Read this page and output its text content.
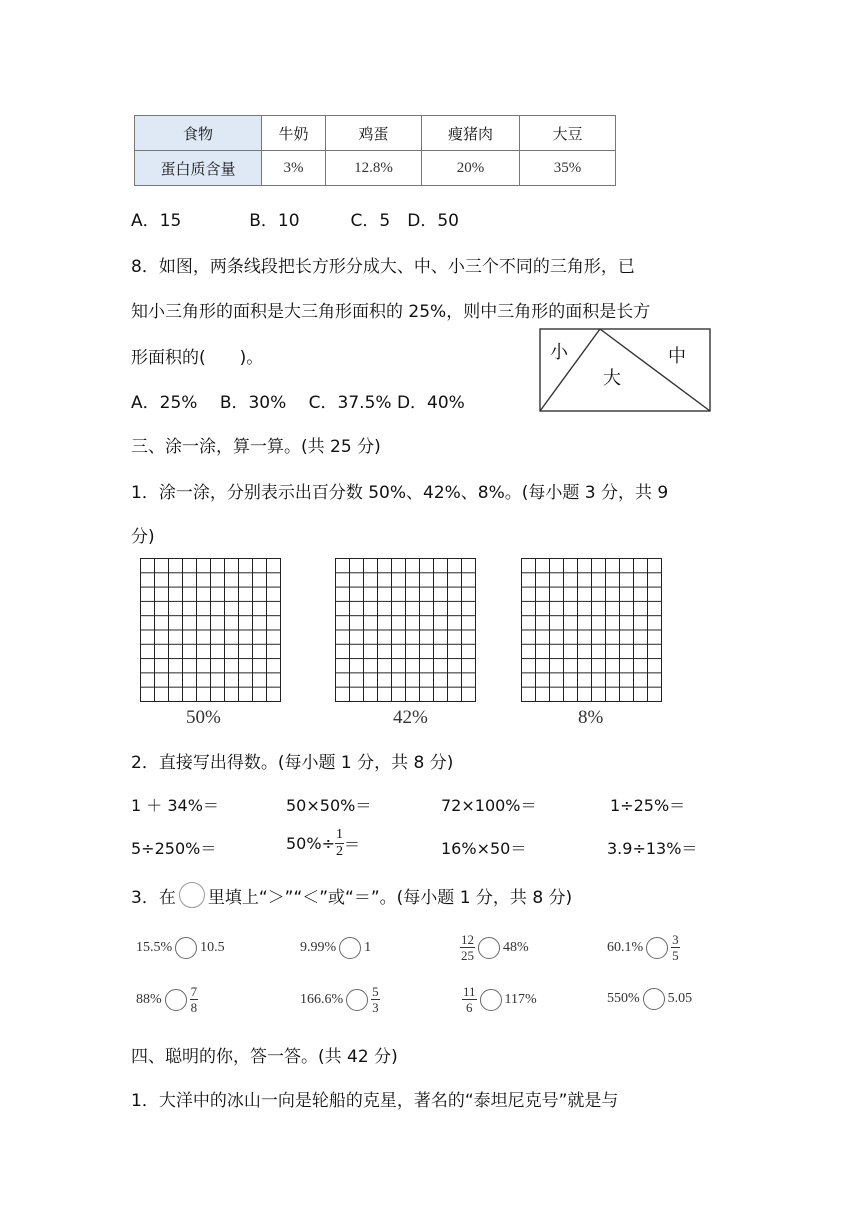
食物	牛奶	鸡蛋	瘦猪肉	大豆
蛋白质含量	3%	12.8%	20%	35%
A．15　　　　B．10　　　C．5　D．50
8．如图，两条线段把长方形分成大、中、小三个不同的三角形，已
知小三角形的面积是大三角形面积的 25%，则中三角形的面积是长方
形面积的(　　)。
A．25%　 B．30%　 C．37.5% D．40%
小	中
大
三、涂一涂，算一算。(共 25 分)
1．涂一涂，分别表示出百分数 50%、42%、8%。(每小题 3 分，共 9
分)
50%	42%	8%
2．直接写出得数。(每小题 1 分，共 8 分)
1 ＋ 34%＝	50×50%＝	72×100%＝	1÷25%＝
5÷250%＝	$50\%\div \frac{1}{2}$ ＝	16%×50＝	3.9÷13%＝
3．在 里填上“＞”“＜”或“＝”。(每小题 1 分，共 8 分)
15.5% 10.5	9.99% 1	$\frac{12}{25} 48\%$	$60.1\% \frac{3}{5}$
$88\% \frac{7}{8}$	$166.6\% \frac{5}{3}$	$\frac{11}{6} 117\%$	550% 5.05
四、聪明的你，答一答。(共 42 分)
1．大洋中的冰山一向是轮船的克星，著名的“泰坦尼克号”就是与
